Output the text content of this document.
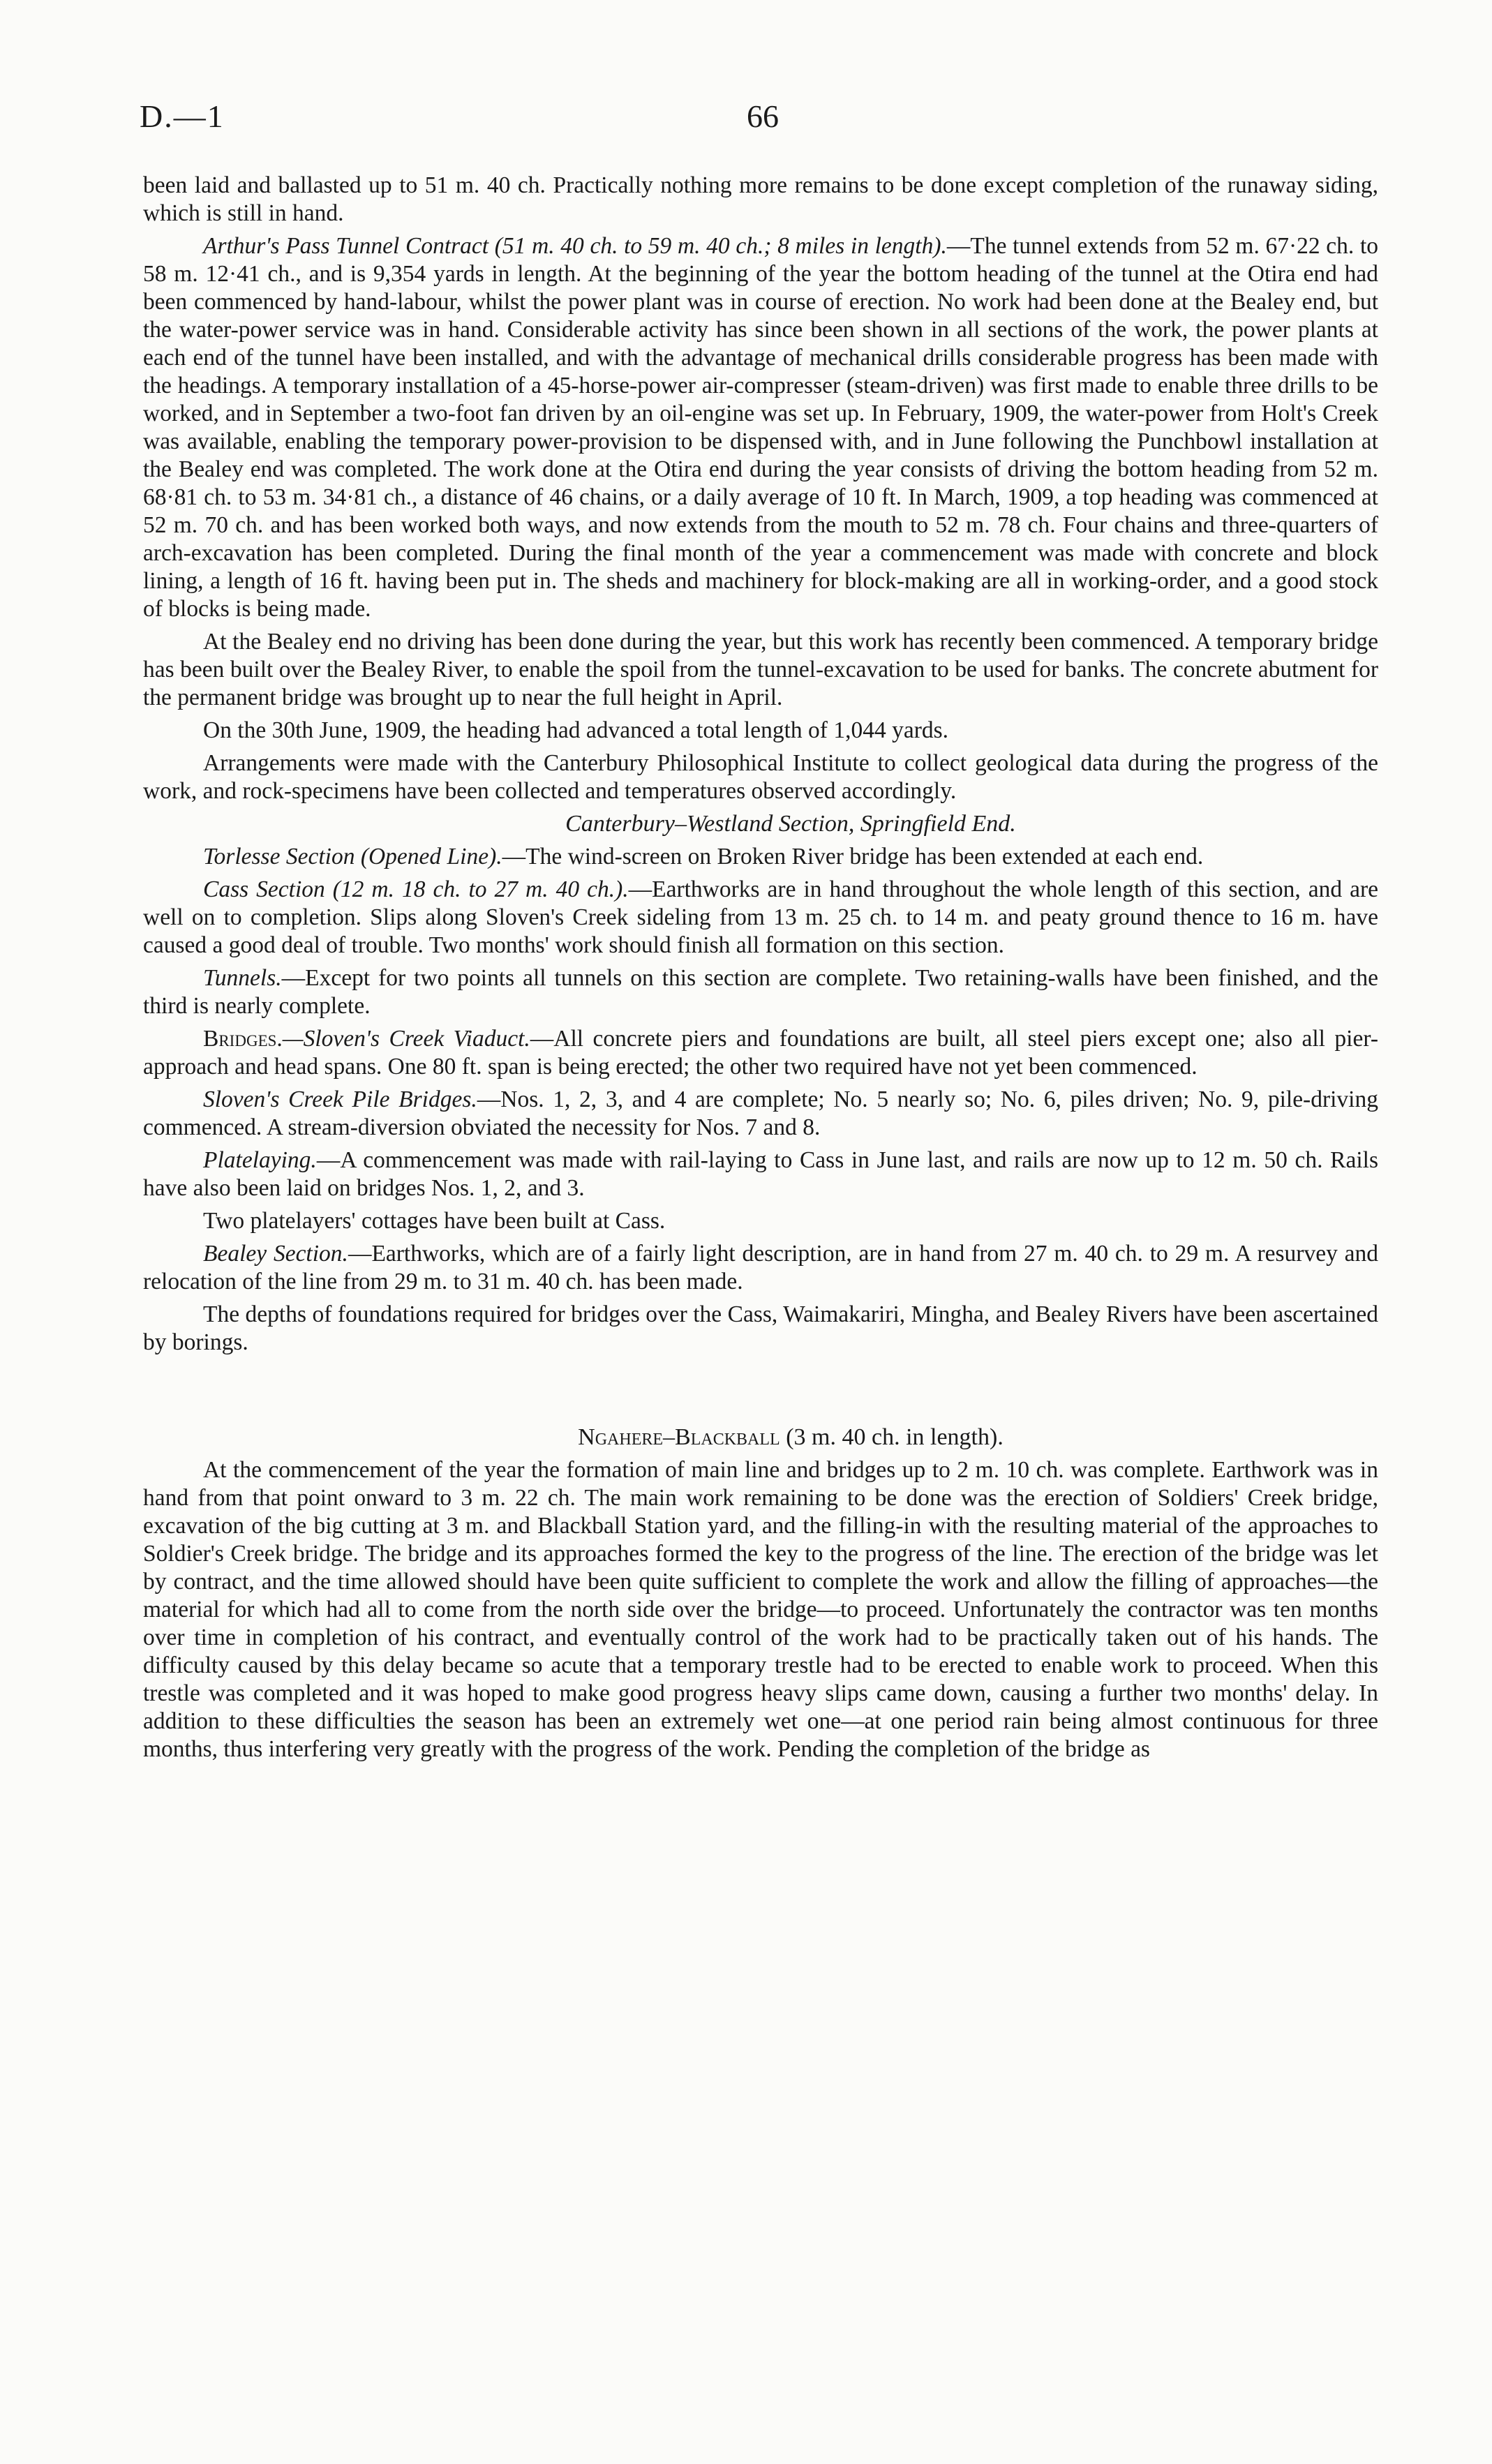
D.—1	66

been laid and ballasted up to 51 m. 40 ch. Practically nothing more remains to be done except completion of the runaway siding, which is still in hand.

Arthur's Pass Tunnel Contract (51 m. 40 ch. to 59 m. 40 ch.; 8 miles in length).—The tunnel extends from 52 m. 67·22 ch. to 58 m. 12·41 ch., and is 9,354 yards in length. At the beginning of the year the bottom heading of the tunnel at the Otira end had been commenced by hand-labour, whilst the power plant was in course of erection. No work had been done at the Bealey end, but the water-power service was in hand. Considerable activity has since been shown in all sections of the work, the power plants at each end of the tunnel have been installed, and with the advantage of mechanical drills considerable progress has been made with the headings. A temporary installation of a 45-horse-power air-compresser (steam-driven) was first made to enable three drills to be worked, and in September a two-foot fan driven by an oil-engine was set up. In February, 1909, the water-power from Holt's Creek was available, enabling the temporary power-provision to be dispensed with, and in June following the Punchbowl installation at the Bealey end was completed. The work done at the Otira end during the year consists of driving the bottom heading from 52 m. 68·81 ch. to 53 m. 34·81 ch., a distance of 46 chains, or a daily average of 10 ft. In March, 1909, a top heading was commenced at 52 m. 70 ch. and has been worked both ways, and now extends from the mouth to 52 m. 78 ch. Four chains and three-quarters of arch-excavation has been completed. During the final month of the year a commencement was made with concrete and block lining, a length of 16 ft. having been put in. The sheds and machinery for block-making are all in working-order, and a good stock of blocks is being made.

At the Bealey end no driving has been done during the year, but this work has recently been commenced. A temporary bridge has been built over the Bealey River, to enable the spoil from the tunnel-excavation to be used for banks. The concrete abutment for the permanent bridge was brought up to near the full height in April.

On the 30th June, 1909, the heading had advanced a total length of 1,044 yards.

Arrangements were made with the Canterbury Philosophical Institute to collect geological data during the progress of the work, and rock-specimens have been collected and temperatures observed accordingly.

Canterbury–Westland Section, Springfield End.

Torlesse Section (Opened Line).—The wind-screen on Broken River bridge has been extended at each end.

Cass Section (12 m. 18 ch. to 27 m. 40 ch.).—Earthworks are in hand throughout the whole length of this section, and are well on to completion. Slips along Sloven's Creek sideling from 13 m. 25 ch. to 14 m. and peaty ground thence to 16 m. have caused a good deal of trouble. Two months' work should finish all formation on this section.

Tunnels.—Except for two points all tunnels on this section are complete. Two retaining-walls have been finished, and the third is nearly complete.

Bridges.—Sloven's Creek Viaduct.—All concrete piers and foundations are built, all steel piers except one; also all pier-approach and head spans. One 80 ft. span is being erected; the other two required have not yet been commenced.

Sloven's Creek Pile Bridges.—Nos. 1, 2, 3, and 4 are complete; No. 5 nearly so; No. 6, piles driven; No. 9, pile-driving commenced. A stream-diversion obviated the necessity for Nos. 7 and 8.

Platelaying.—A commencement was made with rail-laying to Cass in June last, and rails are now up to 12 m. 50 ch. Rails have also been laid on bridges Nos. 1, 2, and 3.

Two platelayers' cottages have been built at Cass.

Bealey Section.—Earthworks, which are of a fairly light description, are in hand from 27 m. 40 ch. to 29 m. A resurvey and relocation of the line from 29 m. to 31 m. 40 ch. has been made.

The depths of foundations required for bridges over the Cass, Waimakariri, Mingha, and Bealey Rivers have been ascertained by borings.

Ngahere–Blackball (3 m. 40 ch. in length).

At the commencement of the year the formation of main line and bridges up to 2 m. 10 ch. was complete. Earthwork was in hand from that point onward to 3 m. 22 ch. The main work remaining to be done was the erection of Soldiers' Creek bridge, excavation of the big cutting at 3 m. and Blackball Station yard, and the filling-in with the resulting material of the approaches to Soldier's Creek bridge. The bridge and its approaches formed the key to the progress of the line. The erection of the bridge was let by contract, and the time allowed should have been quite sufficient to complete the work and allow the filling of approaches—the material for which had all to come from the north side over the bridge—to proceed. Unfortunately the contractor was ten months over time in completion of his contract, and eventually control of the work had to be practically taken out of his hands. The difficulty caused by this delay became so acute that a temporary trestle had to be erected to enable work to proceed. When this trestle was completed and it was hoped to make good progress heavy slips came down, causing a further two months' delay. In addition to these difficulties the season has been an extremely wet one—at one period rain being almost continuous for three months, thus interfering very greatly with the progress of the work. Pending the completion of the bridge as
